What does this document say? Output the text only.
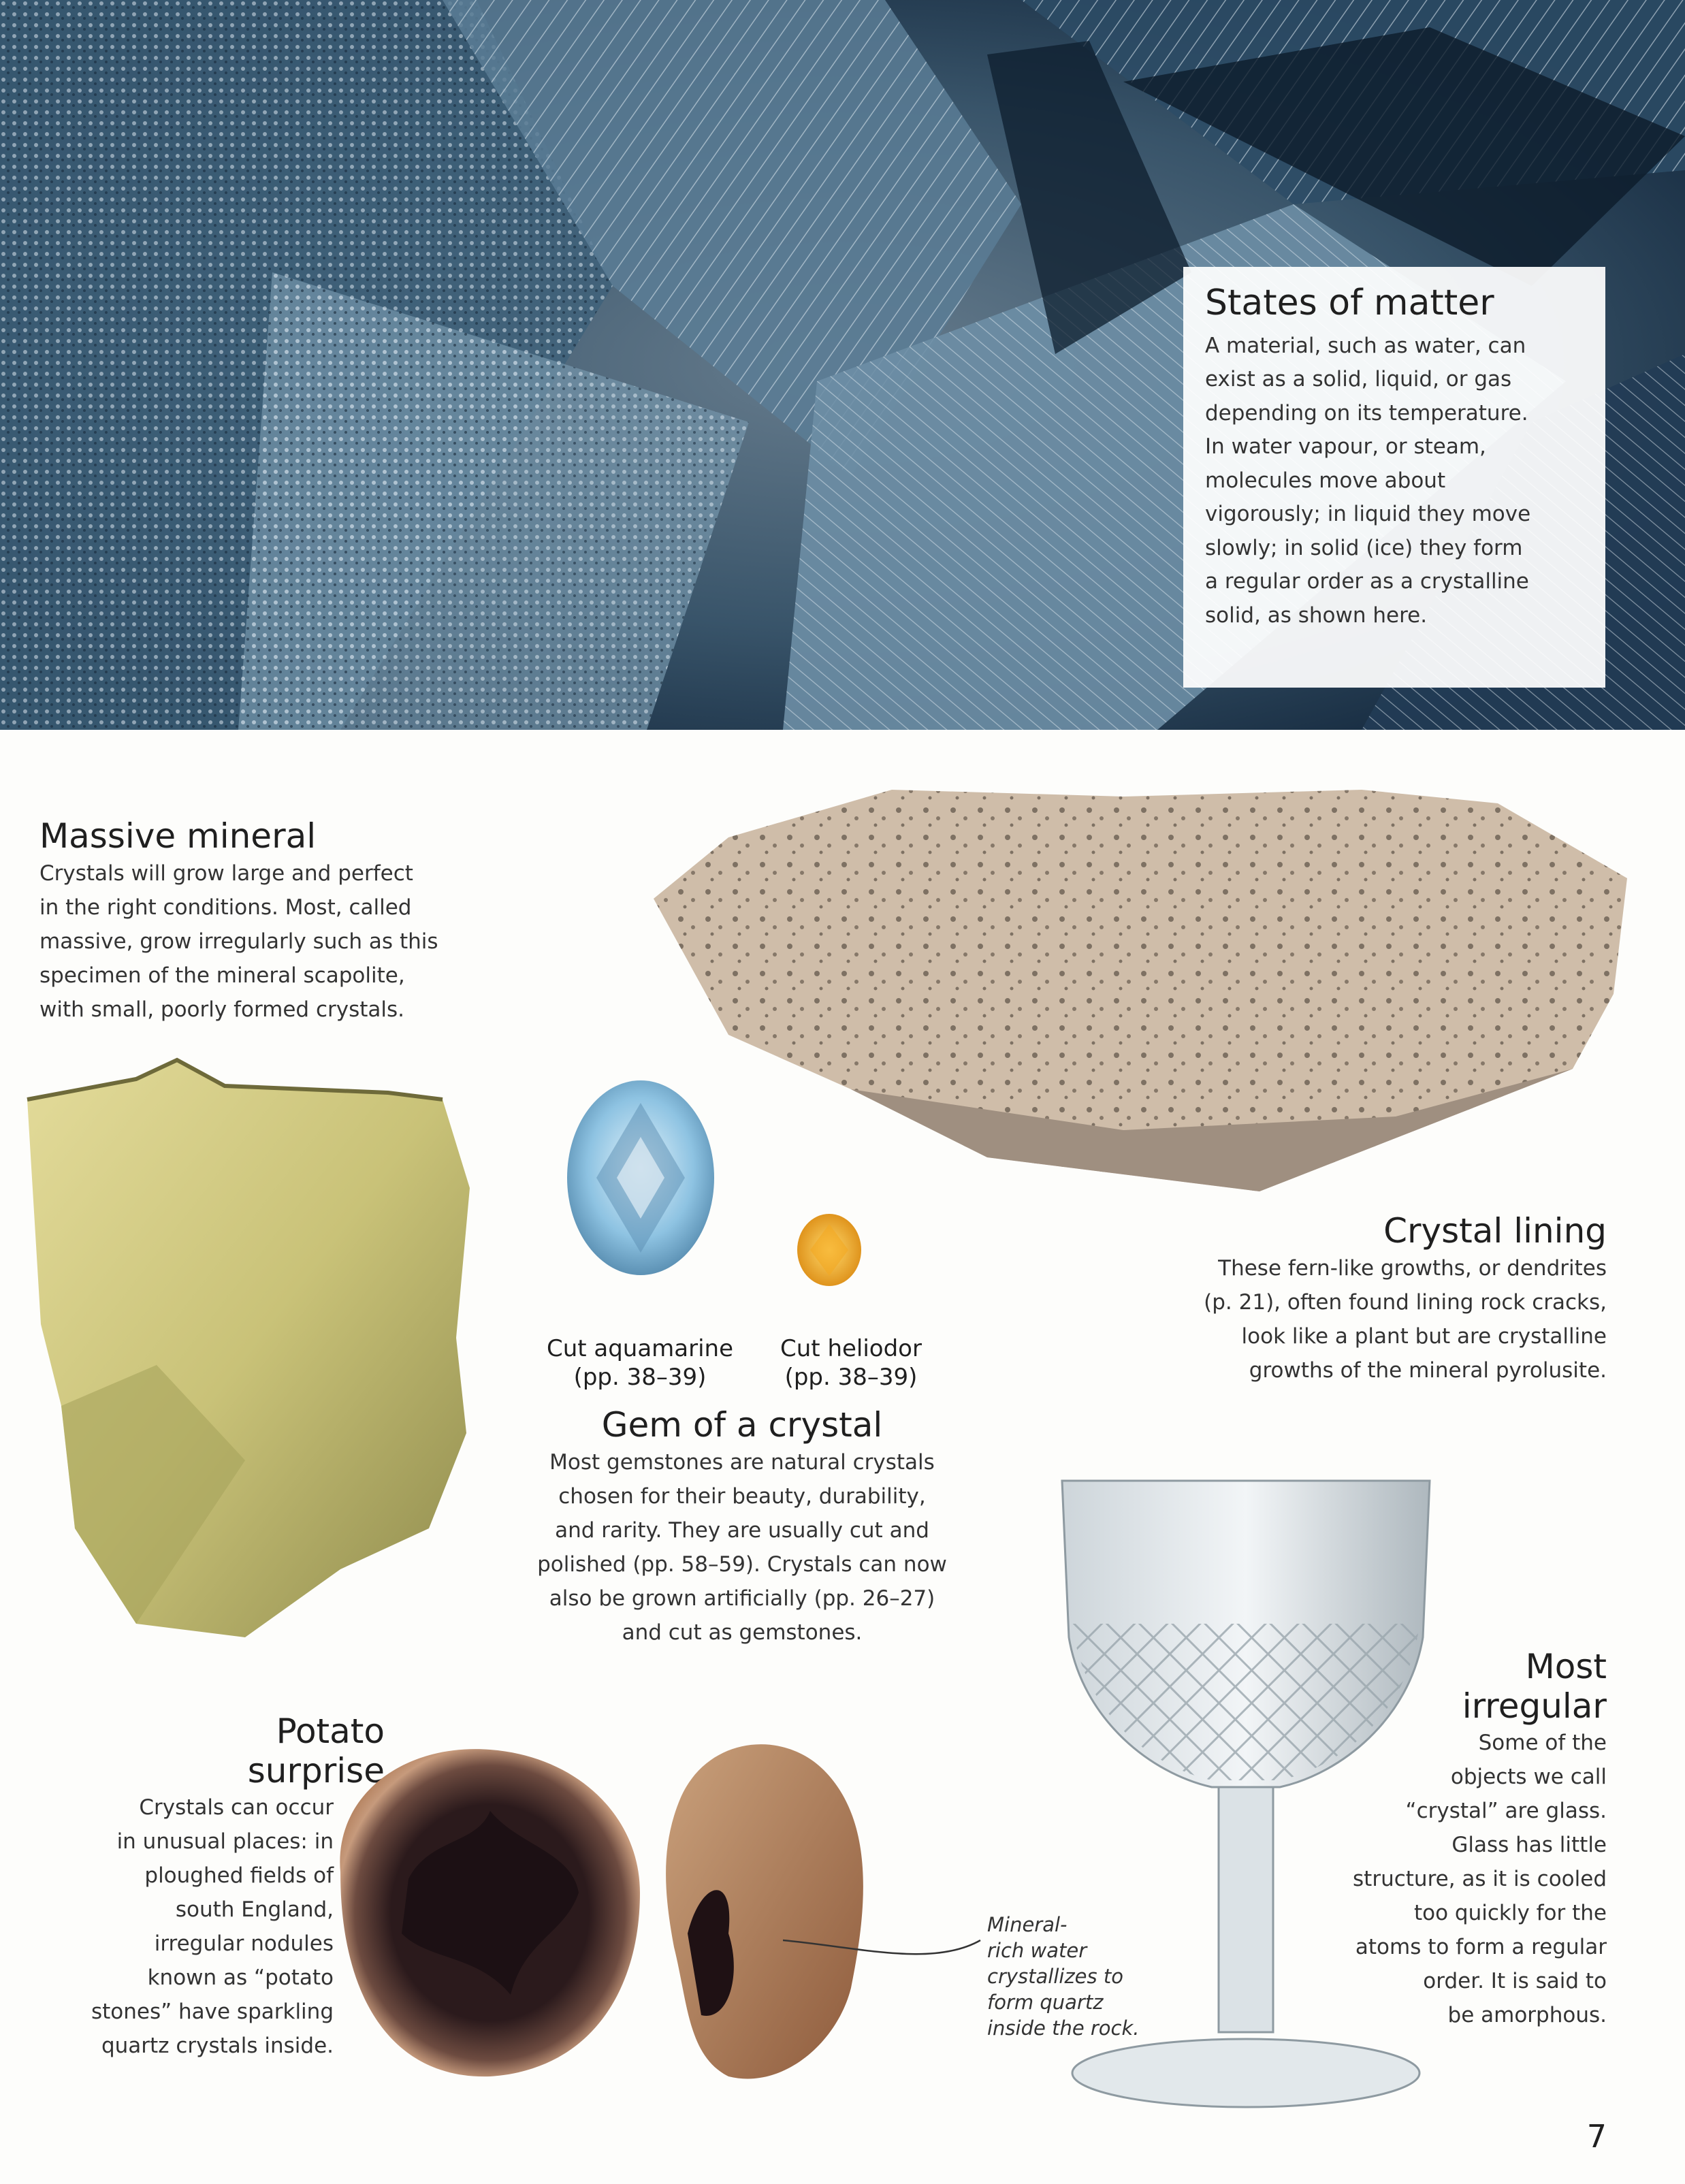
States of matter
A material, such as water, can
exist as a solid, liquid, or gas
depending on its temperature.
In water vapour, or steam,
molecules move about
vigorously; in liquid they move
slowly; in solid (ice) they form
a regular order as a crystalline
solid, as shown here.
Massive mineral
Crystals will grow large and perfect
in the right conditions. Most, called
massive, grow irregularly such as this
specimen of the mineral scapolite,
with small, poorly formed crystals.
Crystal lining
These fern-like growths, or dendrites
(p. 21), often found lining rock cracks,
look like a plant but are crystalline
growths of the mineral pyrolusite.
Cut aquamarine
(pp. 38–39)
Cut heliodor
(pp. 38–39)
Gem of a crystal
Most gemstones are natural crystals
chosen for their beauty, durability,
and rarity. They are usually cut and
polished (pp. 58–59). Crystals can now
also be grown artificially (pp. 26–27)
and cut as gemstones.
Potato
surprise
Crystals can occur
in unusual places: in
ploughed fields of
south England,
irregular nodules
known as “potato
stones” have sparkling
quartz crystals inside.
Mineral-
rich water
crystallizes to
form quartz
inside the rock.
Most
irregular
Some of the
objects we call
“crystal” are glass.
Glass has little
structure, as it is cooled
too quickly for the
atoms to form a regular
order. It is said to
be amorphous.
7
